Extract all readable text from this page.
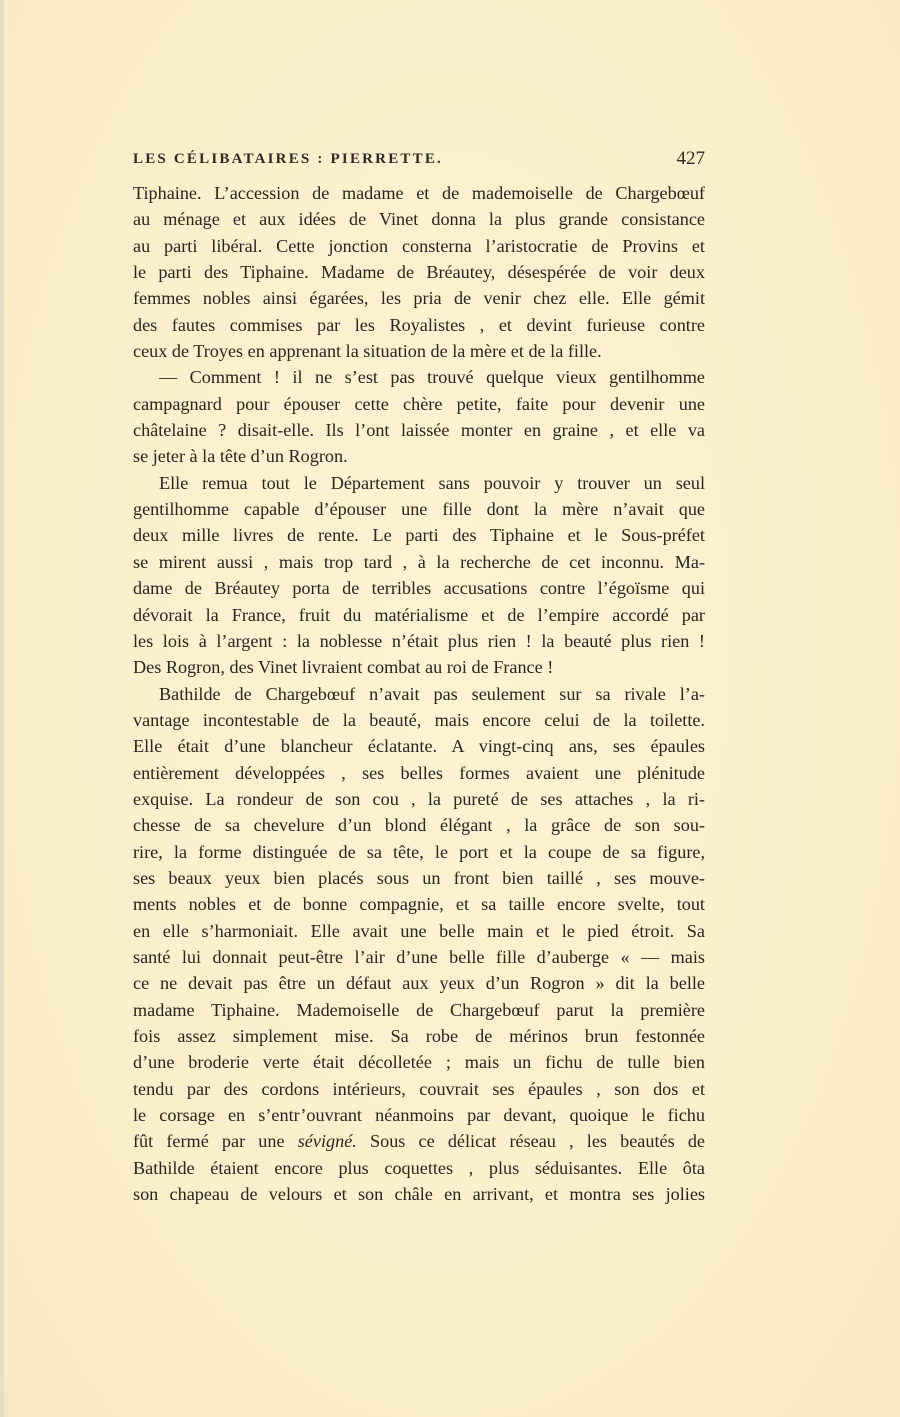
LES CÉLIBATAIRES : PIERRETTE.	427
Tiphaine. L’accession de madame et de mademoiselle de Chargebœuf
au ménage et aux idées de Vinet donna la plus grande consistance
au parti libéral. Cette jonction consterna l’aristocratie de Provins et
le parti des Tiphaine. Madame de Bréautey, désespérée de voir deux
femmes nobles ainsi égarées, les pria de venir chez elle. Elle gémit
des fautes commises par les Royalistes , et devint furieuse contre
ceux de Troyes en apprenant la situation de la mère et de la fille.
— Comment ! il ne s’est pas trouvé quelque vieux gentilhomme
campagnard pour épouser cette chère petite, faite pour devenir une
châtelaine ? disait-elle. Ils l’ont laissée monter en graine , et elle va
se jeter à la tête d’un Rogron.
Elle remua tout le Département sans pouvoir y trouver un seul
gentilhomme capable d’épouser une fille dont la mère n’avait que
deux mille livres de rente. Le parti des Tiphaine et le Sous-préfet
se mirent aussi , mais trop tard , à la recherche de cet inconnu. Ma-
dame de Bréautey porta de terribles accusations contre l’égoïsme qui
dévorait la France, fruit du matérialisme et de l’empire accordé par
les lois à l’argent : la noblesse n’était plus rien ! la beauté plus rien !
Des Rogron, des Vinet livraient combat au roi de France !
Bathilde de Chargebœuf n’avait pas seulement sur sa rivale l’a-
vantage incontestable de la beauté, mais encore celui de la toilette.
Elle était d’une blancheur éclatante. A vingt-cinq ans, ses épaules
entièrement développées , ses belles formes avaient une plénitude
exquise. La rondeur de son cou , la pureté de ses attaches , la ri-
chesse de sa chevelure d’un blond élégant , la grâce de son sou-
rire, la forme distinguée de sa tête, le port et la coupe de sa figure,
ses beaux yeux bien placés sous un front bien taillé , ses mouve-
ments nobles et de bonne compagnie, et sa taille encore svelte, tout
en elle s’harmoniait. Elle avait une belle main et le pied étroit. Sa
santé lui donnait peut-être l’air d’une belle fille d’auberge « — mais
ce ne devait pas être un défaut aux yeux d’un Rogron » dit la belle
madame Tiphaine. Mademoiselle de Chargebœuf parut la première
fois assez simplement mise. Sa robe de mérinos brun festonnée
d’une broderie verte était décolletée ; mais un fichu de tulle bien
tendu par des cordons intérieurs, couvrait ses épaules , son dos et
le corsage en s’entr’ouvrant néanmoins par devant, quoique le fichu
fût fermé par une sévigné. Sous ce délicat réseau , les beautés de
Bathilde étaient encore plus coquettes , plus séduisantes. Elle ôta
son chapeau de velours et son châle en arrivant, et montra ses jolies
